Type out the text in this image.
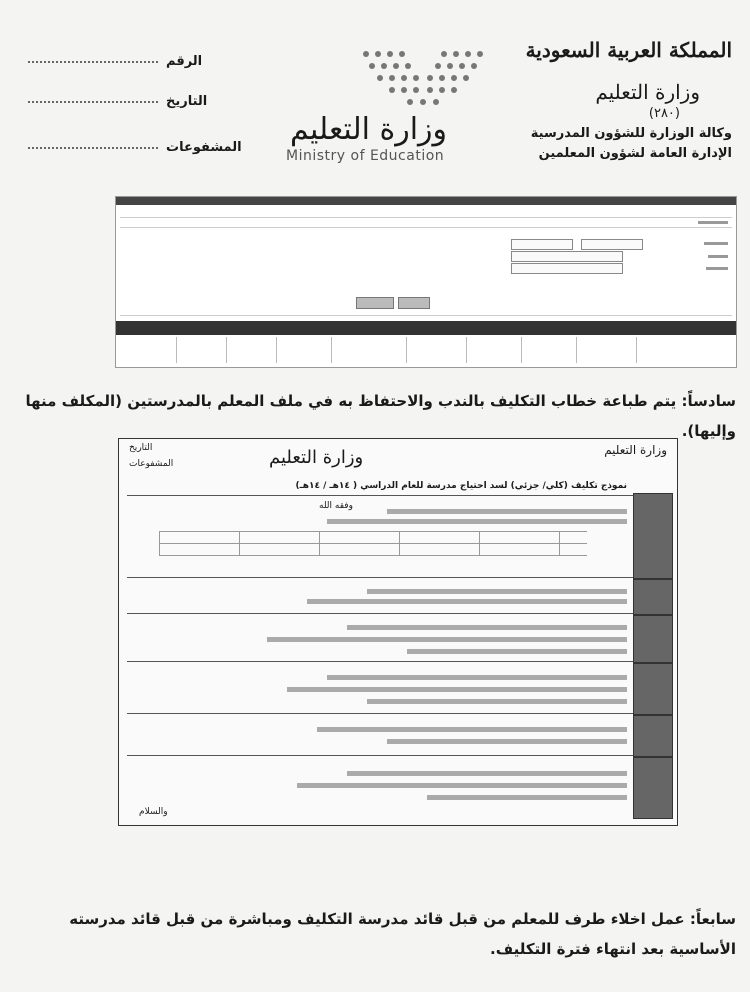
المملكة العربية السعودية
وزارة التعليم
(٢٨٠)
وكالة الوزارة للشؤون المدرسية
الإدارة العامة لشؤون المعلمين
وزارة التعليم
Ministry of Education
الرقم
التاريخ
المشفوعات
سادساً: يتم طباعة خطاب التكليف بالندب والاحتفاظ به في ملف المعلم بالمدرستين (المكلف منها وإليها).
وزارة التعليم
وزارة التعليم
التاريخ
المشفوعات
نموذج تكليف (كلي/ جزئي) لسد احتياج مدرسة للعام الدراسي ( ١٤هـ / ١٤هـ)
وفقه الله
والسلام
سابعاً: عمل اخلاء طرف للمعلم من قبل قائد مدرسة التكليف ومباشرة من قبل قائد مدرسته الأساسية بعد انتهاء فترة التكليف.
